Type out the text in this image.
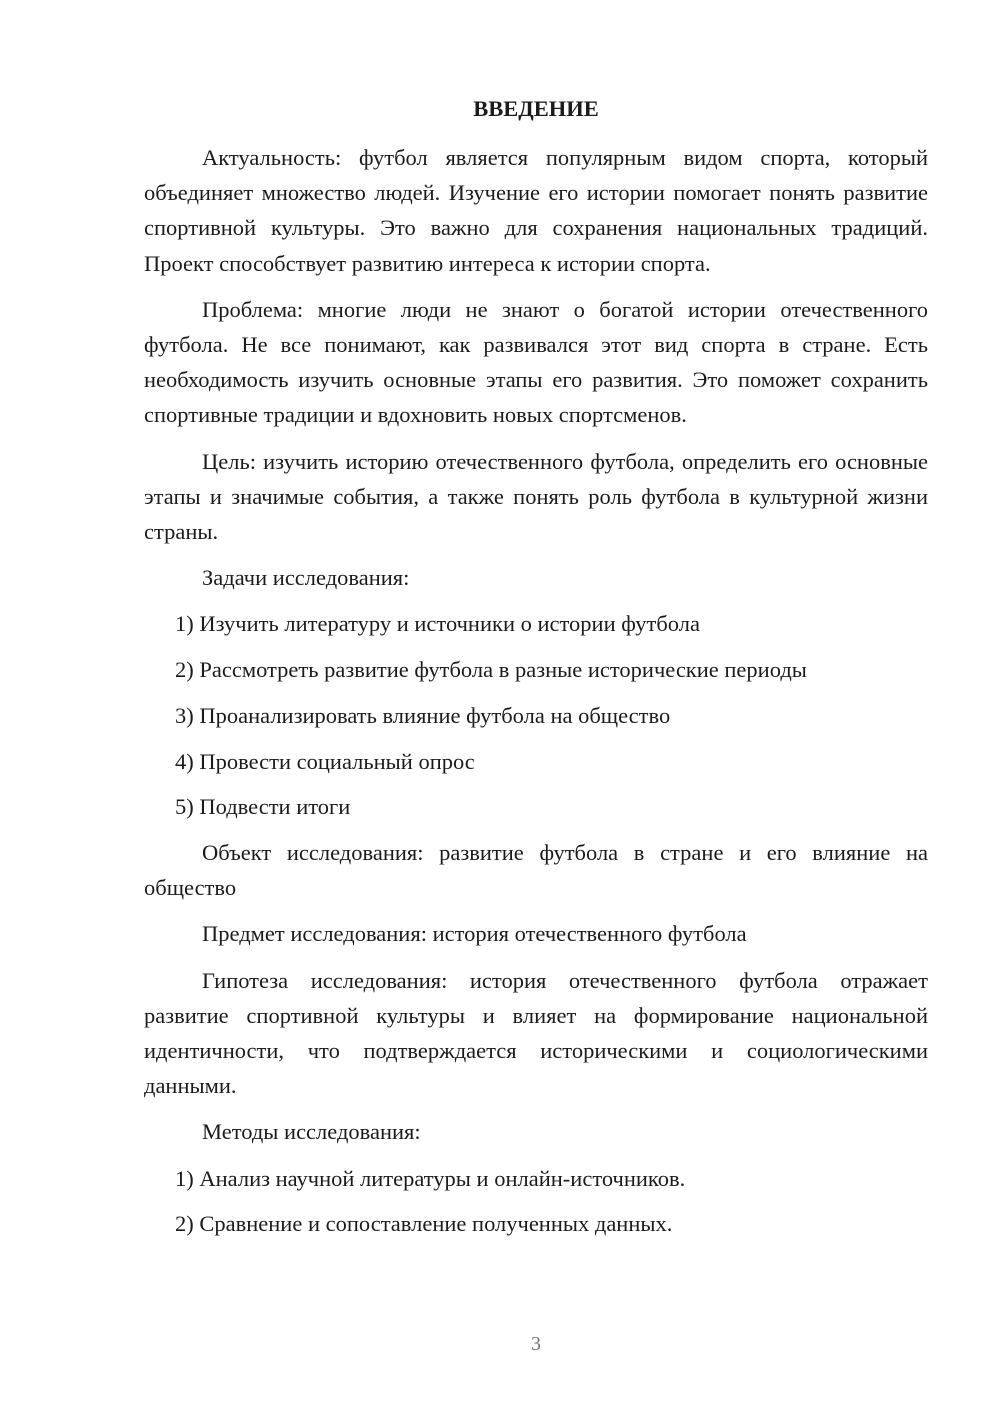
ВВЕДЕНИЕ

Актуальность: футбол является популярным видом спорта, который объединяет множество людей. Изучение его истории помогает понять развитие спортивной культуры. Это важно для сохранения национальных традиций. Проект способствует развитию интереса к истории спорта.

Проблема: многие люди не знают о богатой истории отечественного футбола. Не все понимают, как развивался этот вид спорта в стране. Есть необходимость изучить основные этапы его развития. Это поможет сохранить спортивные традиции и вдохновить новых спортсменов.

Цель: изучить историю отечественного футбола, определить его основные этапы и значимые события, а также понять роль футбола в культурной жизни страны.

Задачи исследования:

1) Изучить литературу и источники о истории футбола
2) Рассмотреть развитие футбола в разные исторические периоды
3) Проанализировать влияние футбола на общество
4) Провести социальный опрос
5) Подвести итоги

Объект исследования: развитие футбола в стране и его влияние на общество

Предмет исследования: история отечественного футбола

Гипотеза исследования: история отечественного футбола отражает развитие спортивной культуры и влияет на формирование национальной идентичности, что подтверждается историческими и социологическими данными.

Методы исследования:

1) Анализ научной литературы и онлайн-источников.
2) Сравнение и сопоставление полученных данных.
3
